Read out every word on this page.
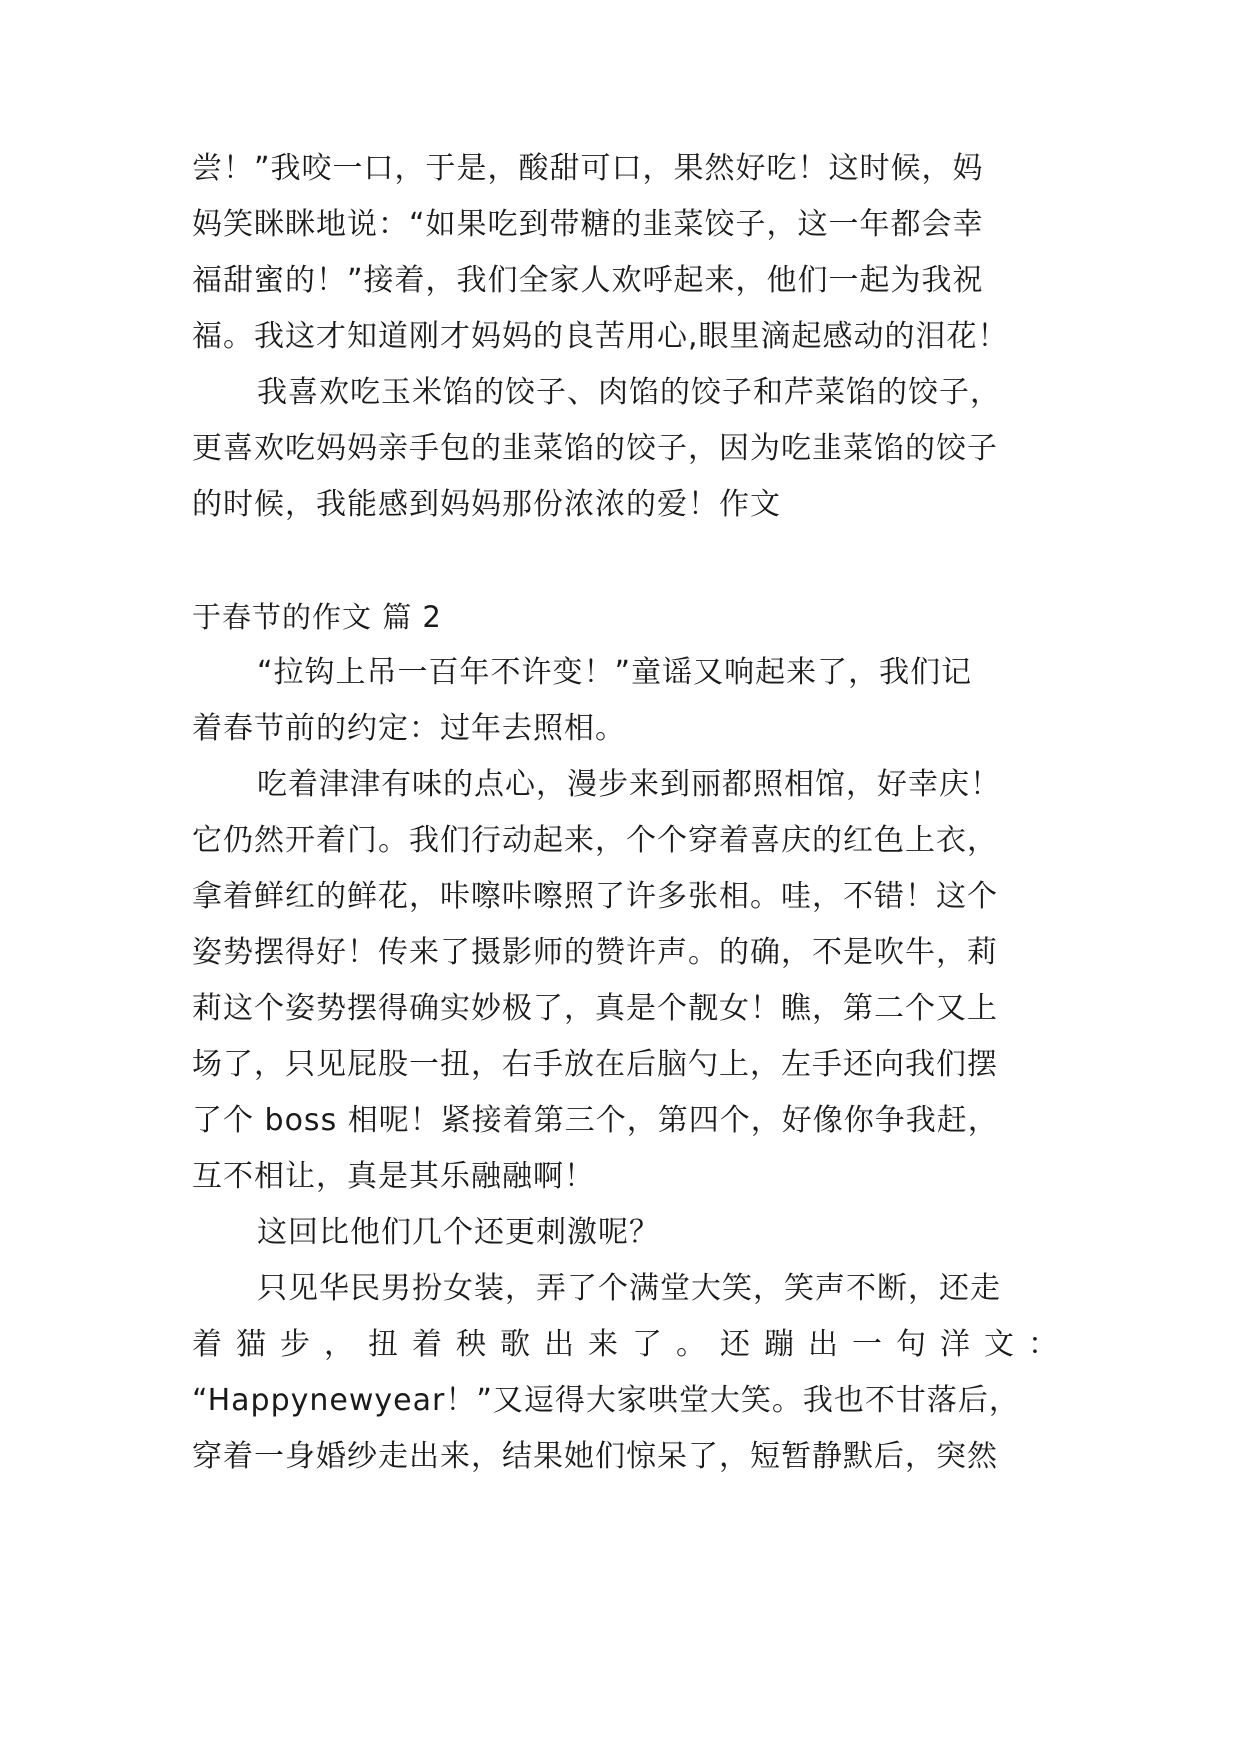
尝！”我咬一口，于是，酸甜可口，果然好吃！这时候，妈
妈笑眯眯地说：“如果吃到带糖的韭菜饺子，这一年都会幸
福甜蜜的！”接着，我们全家人欢呼起来，他们一起为我祝
福。我这才知道刚才妈妈的良苦用心,眼里滴起感动的泪花！
我喜欢吃玉米馅的饺子、肉馅的饺子和芹菜馅的饺子，
更喜欢吃妈妈亲手包的韭菜馅的饺子，因为吃韭菜馅的饺子
的时候，我能感到妈妈那份浓浓的爱！作文
于春节的作文 篇 2
“拉钩上吊一百年不许变！”童谣又响起来了，我们记
着春节前的约定：过年去照相。
吃着津津有味的点心，漫步来到丽都照相馆，好幸庆！
它仍然开着门。我们行动起来，个个穿着喜庆的红色上衣，
拿着鲜红的鲜花，咔嚓咔嚓照了许多张相。哇，不错！这个
姿势摆得好！传来了摄影师的赞许声。的确，不是吹牛，莉
莉这个姿势摆得确实妙极了，真是个靓女！瞧，第二个又上
场了，只见屁股一扭，右手放在后脑勺上，左手还向我们摆
了个 boss 相呢！紧接着第三个，第四个，好像你争我赶，
互不相让，真是其乐融融啊！
这回比他们几个还更刺激呢？
只见华民男扮女装，弄了个满堂大笑，笑声不断，还走
着猫步，扭着秧歌出来了。还蹦出一句洋文：
“Happynewyear！”又逗得大家哄堂大笑。我也不甘落后，
穿着一身婚纱走出来，结果她们惊呆了，短暂静默后，突然
